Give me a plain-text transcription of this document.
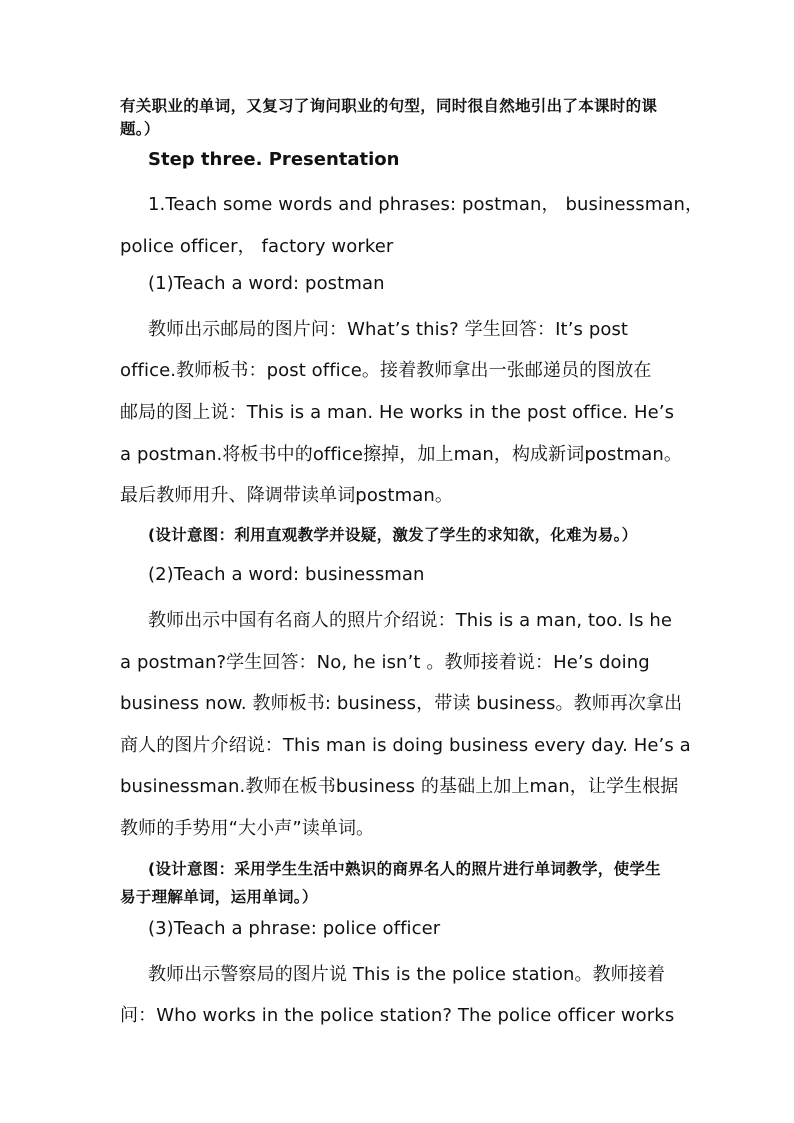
有关职业的单词，又复习了询问职业的句型，同时很自然地引出了本课时的课
题。）
Step three. Presentation
1.Teach some words and phrases: postman， businessman，
police officer， factory worker
(1)Teach a word: postman
教师出示邮局的图片问：What’s this? 学生回答：It’s post
office.教师板书：post office。接着教师拿出一张邮递员的图放在
邮局的图上说：This is a man. He works in the post office. He’s
a postman.将板书中的office擦掉，加上man，构成新词postman。
最后教师用升、降调带读单词postman。
(设计意图：利用直观教学并设疑，激发了学生的求知欲，化难为易。）
(2)Teach a word: businessman
教师出示中国有名商人的照片介绍说：This is a man, too. Is he
a postman?学生回答：No, he isn’t 。教师接着说：He’s doing
business now. 教师板书: business，带读 business。教师再次拿出
商人的图片介绍说：This man is doing business every day. He’s a
businessman.教师在板书business 的基础上加上man，让学生根据
教师的手势用“大小声”读单词。
(设计意图：采用学生生活中熟识的商界名人的照片进行单词教学，使学生
易于理解单词，运用单词。）
(3)Teach a phrase: police officer
教师出示警察局的图片说 This is the police station。教师接着
问：Who works in the police station? The police officer works
